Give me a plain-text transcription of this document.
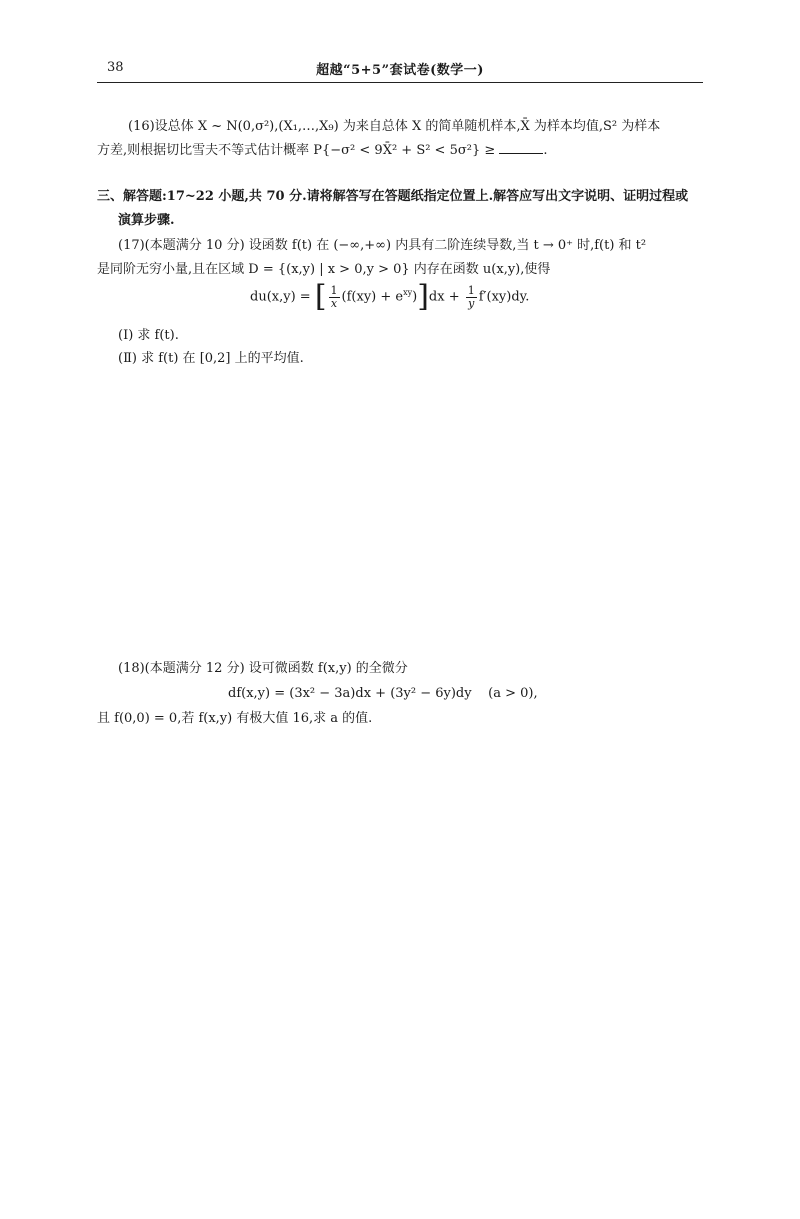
38	超越“5+5”套试卷(数学一)
(16)设总体 X ~ N(0,σ²),(X₁,…,X₉) 为来自总体 X 的简单随机样本,X̄ 为样本均值,S² 为样本
方差,则根据切比雪夫不等式估计概率 P{−σ² < 9X̄² + S² < 5σ²} ≥	.
三、解答题:17~22 小题,共 70 分.请将解答写在答题纸指定位置上.解答应写出文字说明、证明过程或
演算步骤.
(17)(本题满分 10 分) 设函数 f(t) 在 (−∞,+∞) 内具有二阶连续导数,当 t → 0⁺ 时,f(t) 和 t²
是同阶无穷小量,且在区域 D = {(x,y) | x > 0,y > 0} 内存在函数 u(x,y),使得
du(x,y) = [ $\frac{1}{x} (f(xy) + e^{xy})]dx + \frac{1}{y} f'(xy)dy$.
(Ⅰ) 求 f(t).
(Ⅱ) 求 f(t) 在 [0,2] 上的平均值.
(18)(本题满分 12 分) 设可微函数 f(x,y) 的全微分
df(x,y) = (3x² − 3a)dx + (3y² − 6y)dy    (a > 0),
且 f(0,0) = 0,若 f(x,y) 有极大值 16,求 a 的值.
